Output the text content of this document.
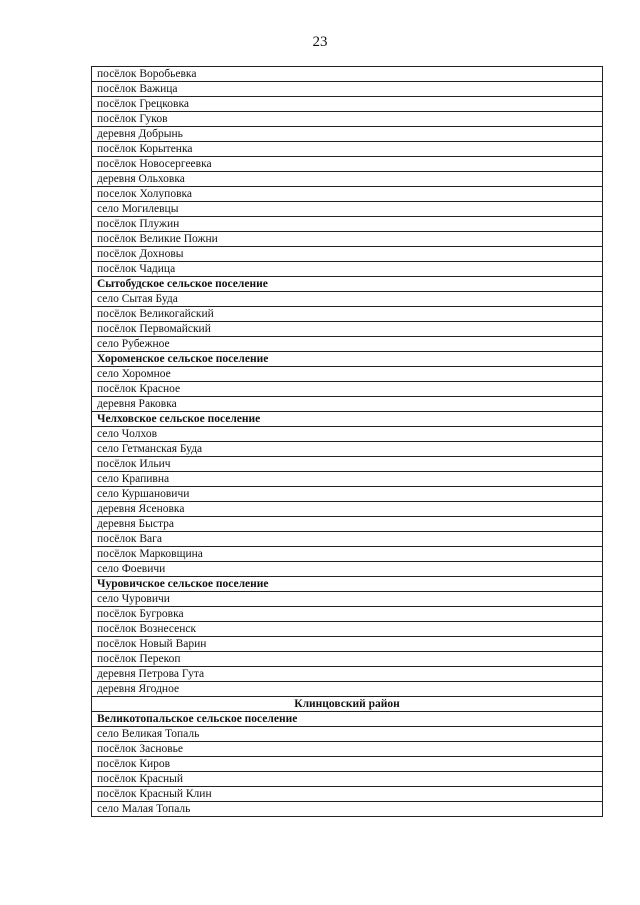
23
посёлок Воробьевка
посёлок Важица
посёлок Грецковка
посёлок Гуков
деревня Добрынь
посёлок Корытенка
посёлок Новосергеевка
деревня Ольховка
поселок Холуповка
село Могилевцы
посёлок Плужин
посёлок Великие Пожни
посёлок Дохновы
посёлок Чадица
Сытобудское сельское поселение
село Сытая Буда
посёлок Великогайский
посёлок Первомайский
село Рубежное
Хороменское сельское поселение
село Хоромное
посёлок Красное
деревня Раковка
Челховское сельское поселение
село Чолхов
село Гетманская Буда
посёлок Ильич
село Крапивна
село Куршановичи
деревня Ясеновка
деревня Быстра
посёлок Вага
посёлок Марковщина
село Фоевичи
Чуровичское сельское поселение
село Чуровичи
посёлок Бугровка
посёлок Вознесенск
посёлок Новый Варин
посёлок Перекоп
деревня Петрова Гута
деревня Ягодное
Клинцовский район
Великотопальское сельское поселение
село Великая Топаль
посёлок Засновье
посёлок Киров
посёлок Красный
посёлок Красный Клин
село Малая Топаль
